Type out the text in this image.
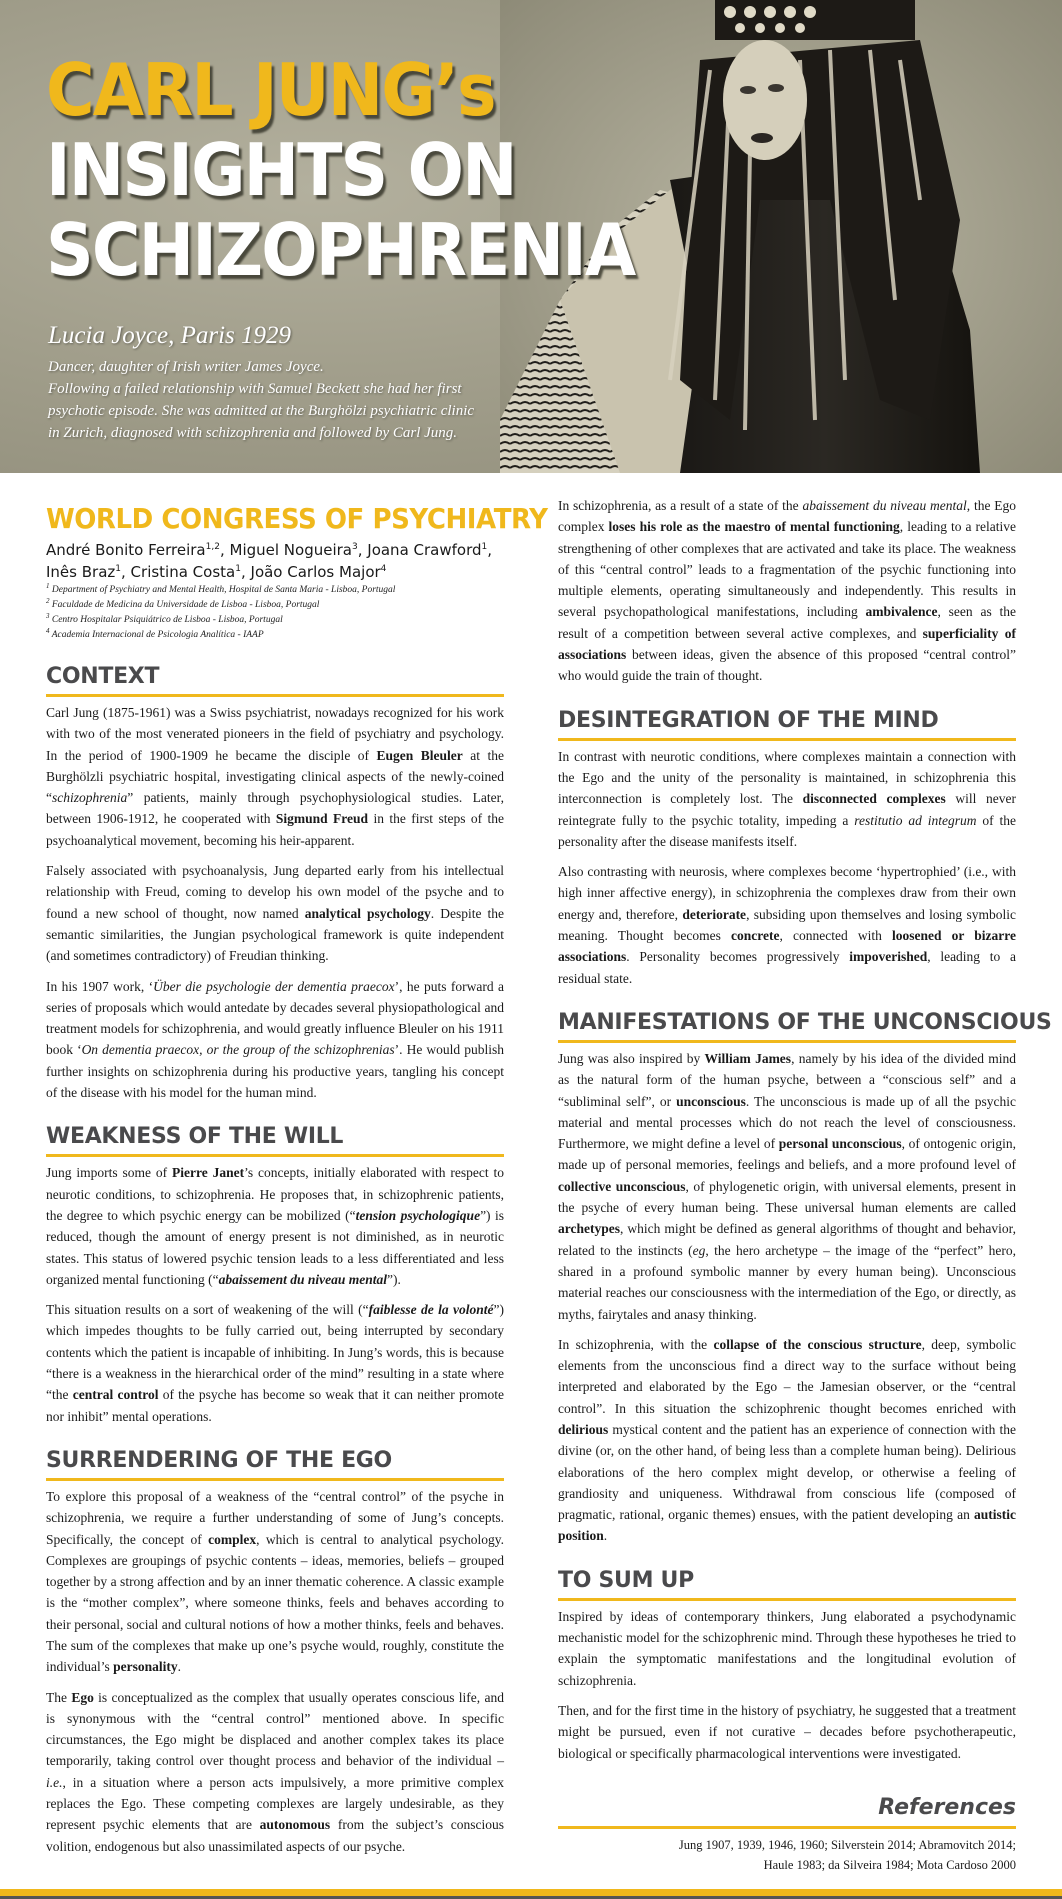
CARL JUNG’s
INSIGHTS ON
SCHIZOPHRENIA
Lucia Joyce, Paris 1929
Dancer, daughter of Irish writer James Joyce.
Following a failed relationship with Samuel Beckett she had her first
psychotic episode. She was admitted at the Burghölzi psychiatric clinic
in Zurich, diagnosed with schizophrenia and followed by Carl Jung.
WORLD CONGRESS OF PSYCHIATRY
André Bonito Ferreira$^{1,2}$, Miguel Nogueira$^3$, Joana Crawford$^1$,
Inês Braz$^1$, Cristina Costa$^1$, João Carlos Major$^4$
$^1$ Department of Psychiatry and Mental Health, Hospital de Santa Maria - Lisboa, Portugal
$^2$ Faculdade de Medicina da Universidade de Lisboa - Lisboa, Portugal
$^3$ Centro Hospitalar Psiquiátrico de Lisboa - Lisboa, Portugal
$^4$ Academia Internacional de Psicologia Analítica - IAAP
CONTEXT

Carl Jung (1875-1961) was a Swiss psychiatrist, nowadays recognized for his work with two of the most venerated pioneers in the field of psychiatry and psychology. In the period of 1900-1909 he became the disciple of Eugen Bleuler at the Burghölzli psychiatric hospital, investigating clinical aspects of the newly-coined “schizophrenia” patients, mainly through psychophysiological studies. Later, between 1906-1912, he cooperated with Sigmund Freud in the first steps of the psychoanalytical movement, becoming his heir-apparent.

Falsely associated with psychoanalysis, Jung departed early from his intellectual relationship with Freud, coming to develop his own model of the psyche and to found a new school of thought, now named analytical psychology. Despite the semantic similarities, the Jungian psychological framework is quite independent (and sometimes contradictory) of Freudian thinking.

In his 1907 work, ‘Über die psychologie der dementia praecox’, he puts forward a series of proposals which would antedate by decades several physiopathological and treatment models for schizophrenia, and would greatly influence Bleuler on his 1911 book ‘On dementia praecox, or the group of the schizophrenias’. He would publish further insights on schizophrenia during his productive years, tangling his concept of the disease with his model for the human mind.

WEAKNESS OF THE WILL

Jung imports some of Pierre Janet’s concepts, initially elaborated with respect to neurotic conditions, to schizophrenia. He proposes that, in schizophrenic patients, the degree to which psychic energy can be mobilized (“tension psychologique”) is reduced, though the amount of energy present is not diminished, as in neurotic states. This status of lowered psychic tension leads to a less differentiated and less organized mental functioning (“abaissement du niveau mental”).

This situation results on a sort of weakening of the will (“faiblesse de la volonté”) which impedes thoughts to be fully carried out, being interrupted by secondary contents which the patient is incapable of inhibiting. In Jung’s words, this is because “there is a weakness in the hierarchical order of the mind” resulting in a state where “the central control of the psyche has become so weak that it can neither promote nor inhibit” mental operations.

SURRENDERING OF THE EGO

To explore this proposal of a weakness of the “central control” of the psyche in schizophrenia, we require a further understanding of some of Jung’s concepts. Specifically, the concept of complex, which is central to analytical psychology. Complexes are groupings of psychic contents – ideas, memories, beliefs – grouped together by a strong affection and by an inner thematic coherence. A classic example is the “mother complex”, where someone thinks, feels and behaves according to their personal, social and cultural notions of how a mother thinks, feels and behaves. The sum of the complexes that make up one’s psyche would, roughly, constitute the individual’s personality.

The Ego is conceptualized as the complex that usually operates conscious life, and is synonymous with the “central control” mentioned above. In specific circumstances, the Ego might be displaced and another complex takes its place temporarily, taking control over thought process and behavior of the individual – i.e., in a situation where a person acts impulsively, a more primitive complex replaces the Ego. These competing complexes are largely undesirable, as they represent psychic elements that are autonomous from the subject’s conscious volition, endogenous but also unassimilated aspects of our psyche.

In schizophrenia, as a result of a state of the abaissement du niveau mental, the Ego complex loses his role as the maestro of mental functioning, leading to a relative strengthening of other complexes that are activated and take its place. The weakness of this “central control” leads to a fragmentation of the psychic functioning into multiple elements, operating simultaneously and independently. This results in several psychopathological manifestations, including ambivalence, seen as the result of a competition between several active complexes, and superficiality of associations between ideas, given the absence of this proposed “central control” who would guide the train of thought.

DESINTEGRATION OF THE MIND

In contrast with neurotic conditions, where complexes maintain a connection with the Ego and the unity of the personality is maintained, in schizophrenia this interconnection is completely lost. The disconnected complexes will never reintegrate fully to the psychic totality, impeding a restitutio ad integrum of the personality after the disease manifests itself.

Also contrasting with neurosis, where complexes become ‘hypertrophied’ (i.e., with high inner affective energy), in schizophrenia the complexes draw from their own energy and, therefore, deteriorate, subsiding upon themselves and losing symbolic meaning. Thought becomes concrete, connected with loosened or bizarre associations. Personality becomes progressively impoverished, leading to a residual state.

MANIFESTATIONS OF THE UNCONSCIOUS

Jung was also inspired by William James, namely by his idea of the divided mind as the natural form of the human psyche, between a “conscious self” and a “subliminal self”, or unconscious. The unconscious is made up of all the psychic material and mental processes which do not reach the level of consciousness. Furthermore, we might define a level of personal unconscious, of ontogenic origin, made up of personal memories, feelings and beliefs, and a more profound level of collective unconscious, of phylogenetic origin, with universal elements, present in the psyche of every human being. These universal human elements are called archetypes, which might be defined as general algorithms of thought and behavior, related to the instincts (eg, the hero archetype – the image of the “perfect” hero, shared in a profound symbolic manner by every human being). Unconscious material reaches our consciousness with the intermediation of the Ego, or directly, as myths, fairytales and anasy thinking.

In schizophrenia, with the collapse of the conscious structure, deep, symbolic elements from the unconscious find a direct way to the surface without being interpreted and elaborated by the Ego – the Jamesian observer, or the “central control”. In this situation the schizophrenic thought becomes enriched with delirious mystical content and the patient has an experience of connection with the divine (or, on the other hand, of being less than a complete human being). Delirious elaborations of the hero complex might develop, or otherwise a feeling of grandiosity and uniqueness. Withdrawal from conscious life (composed of pragmatic, rational, organic themes) ensues, with the patient developing an autistic position.

TO SUM UP

Inspired by ideas of contemporary thinkers, Jung elaborated a psychodynamic mechanistic model for the schizophrenic mind. Through these hypotheses he tried to explain the symptomatic manifestations and the longitudinal evolution of schizophrenia.

Then, and for the first time in the history of psychiatry, he suggested that a treatment might be pursued, even if not curative – decades before psychotherapeutic, biological or specifically pharmacological interventions were investigated.

References
Jung 1907, 1939, 1946, 1960; Silverstein 2014; Abramovitch 2014;
Haule 1983; da Silveira 1984; Mota Cardoso 2000
